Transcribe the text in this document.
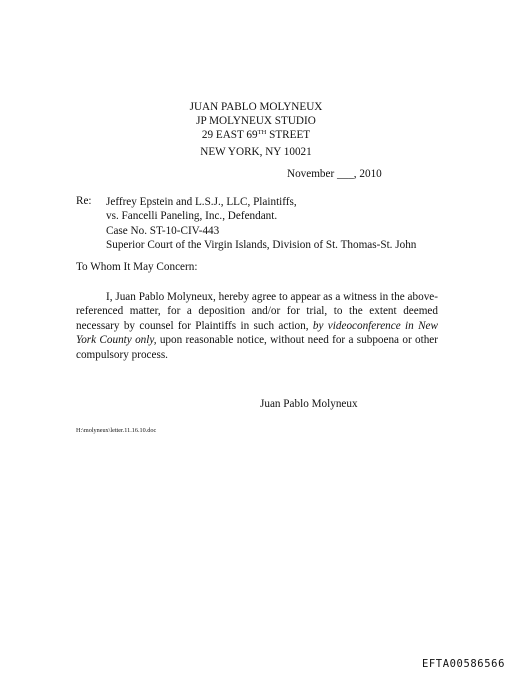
JUAN PABLO MOLYNEUX
JP MOLYNEUX STUDIO
29 EAST 69TH STREET
NEW YORK, NY 10021
November ___, 2010
Re: Jeffrey Epstein and L.S.J., LLC, Plaintiffs,
vs. Fancelli Paneling, Inc., Defendant.
Case No. ST-10-CIV-443
Superior Court of the Virgin Islands, Division of St. Thomas-St. John
To Whom It May Concern:
I, Juan Pablo Molyneux, hereby agree to appear as a witness in the above-referenced matter, for a deposition and/or for trial, to the extent deemed necessary by counsel for Plaintiffs in such action, by videoconference in New York County only, upon reasonable notice, without need for a subpoena or other compulsory process.
Juan Pablo Molyneux
H:\molyneux\letter.11.16.10.doc
EFTA00586566
